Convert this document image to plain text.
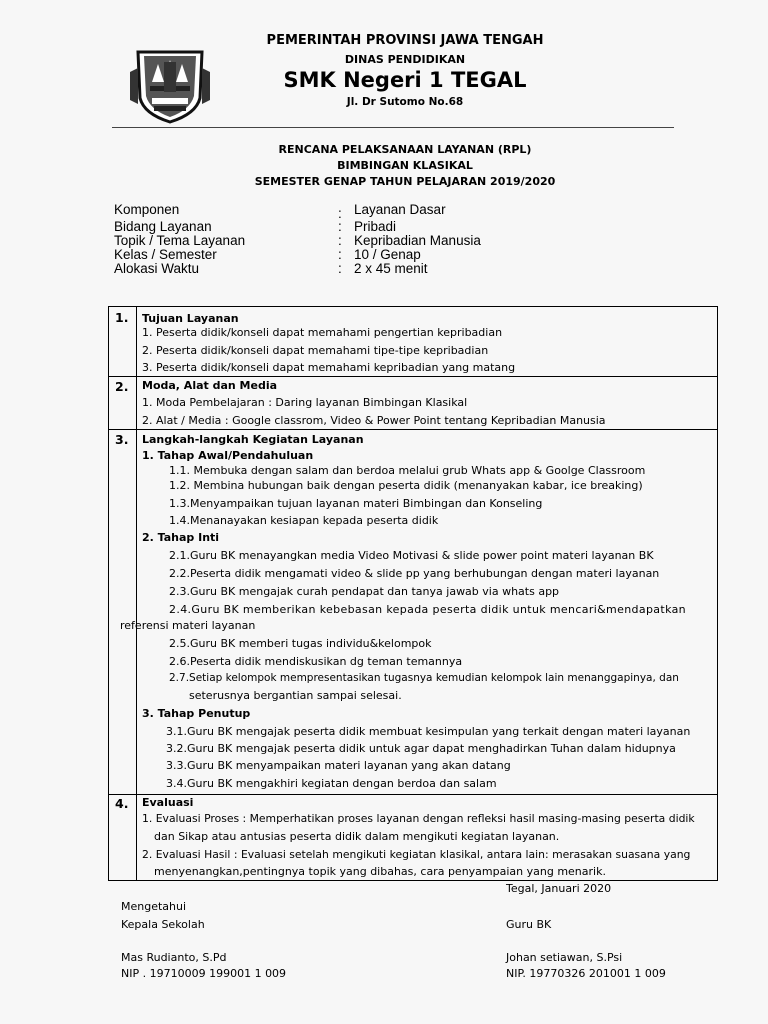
PEMERINTAH PROVINSI JAWA TENGAH
DINAS PENDIDIKAN
SMK Negeri 1 TEGAL
Jl. Dr Sutomo No.68
RENCANA PELAKSANAAN LAYANAN (RPL)
BIMBINGAN KLASIKAL
SEMESTER GENAP TAHUN PELAJARAN 2019/2020
Komponen	: Layanan Dasar
Bidang Layanan	: Pribadi
Topik / Tema Layanan	: Kepribadian Manusia
Kelas / Semester	: 10 / Genap
Alokasi Waktu	: 2 x 45 menit
1. Tujuan Layanan
1. Peserta didik/konseli dapat memahami pengertian kepribadian
2. Peserta didik/konseli dapat memahami tipe-tipe kepribadian
3. Peserta didik/konseli dapat memahami kepribadian yang matang
2. Moda, Alat dan Media
1. Moda Pembelajaran : Daring layanan Bimbingan Klasikal
2. Alat / Media : Google classrom, Video & Power Point tentang Kepribadian Manusia
3. Langkah-langkah Kegiatan Layanan
1. Tahap Awal/Pendahuluan
1.1. Membuka dengan salam dan berdoa melalui grub Whats app & Goolge Classroom
1.2. Membina hubungan baik dengan peserta didik (menanyakan kabar, ice breaking)
1.3.Menyampaikan tujuan layanan materi Bimbingan dan Konseling
1.4.Menanayakan kesiapan kepada peserta didik
2. Tahap Inti
2.1.Guru BK menayangkan media Video Motivasi & slide power point materi layanan BK
2.2.Peserta didik mengamati video & slide pp yang berhubungan dengan materi layanan
2.3.Guru BK mengajak curah pendapat dan tanya jawab via whats app
2.4.Guru BK memberikan kebebasan kepada peserta didik untuk mencari&mendapatkan
referensi materi layanan
2.5.Guru BK memberi tugas individu&kelompok
2.6.Peserta didik mendiskusikan dg teman temannya
2.7.Setiap kelompok mempresentasikan tugasnya kemudian kelompok lain menanggapinya, dan
seterusnya bergantian sampai selesai.
3. Tahap Penutup
3.1.Guru BK mengajak peserta didik membuat kesimpulan yang terkait dengan materi layanan
3.2.Guru BK mengajak peserta didik untuk agar dapat menghadirkan Tuhan dalam hidupnya
3.3.Guru BK menyampaikan materi layanan yang akan datang
3.4.Guru BK mengakhiri kegiatan dengan berdoa dan salam
4. Evaluasi
1. Evaluasi Proses : Memperhatikan proses layanan dengan refleksi hasil masing-masing peserta didik
dan Sikap atau antusias peserta didik dalam mengikuti kegiatan layanan.
2. Evaluasi Hasil : Evaluasi setelah mengikuti kegiatan klasikal, antara lain: merasakan suasana yang
menyenangkan,pentingnya topik yang dibahas, cara penyampaian yang menarik.
Tegal, Januari 2020
Mengetahui
Kepala Sekolah	Guru BK
Mas Rudianto, S.Pd	Johan setiawan, S.Psi
NIP . 19710009 199001 1 009	NIP. 19770326 201001 1 009
